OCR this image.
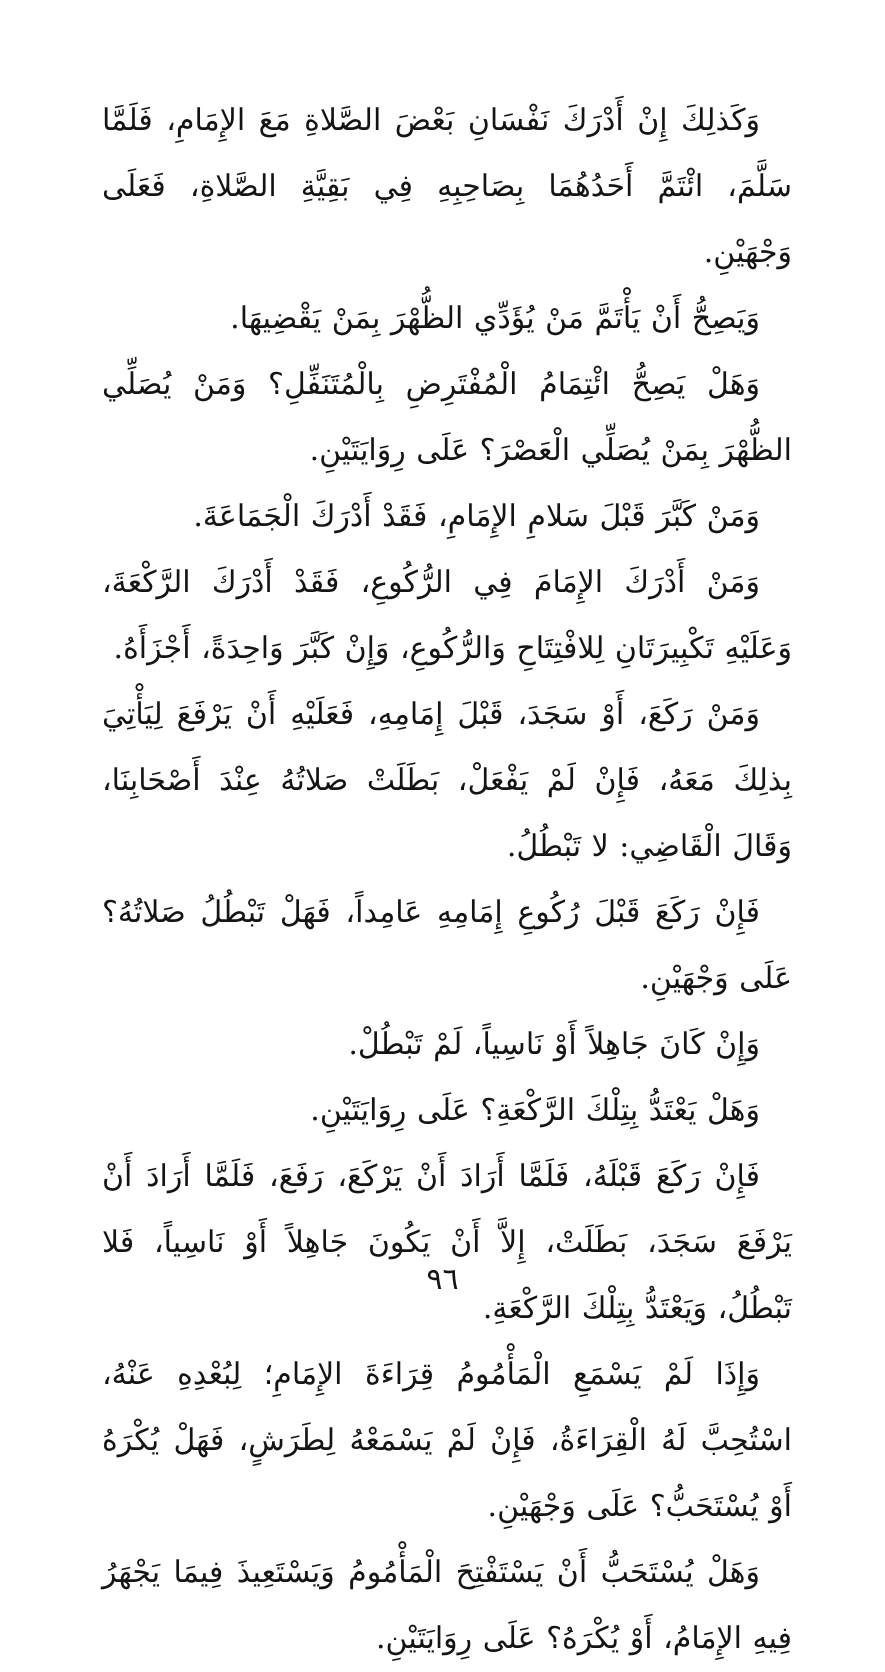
وَكَذلِكَ إِنْ أَدْرَكَ نَفْسَانِ بَعْضَ الصَّلاةِ مَعَ الإِمَامِ، فَلَمَّا سَلَّمَ، ائْتَمَّ أَحَدُهُمَا بِصَاحِبِهِ فِي بَقِيَّةِ الصَّلاةِ، فَعَلَى وَجْهَيْنِ.

وَيَصِحُّ أَنْ يَأْتَمَّ مَنْ يُؤَدِّي الظُّهْرَ بِمَنْ يَقْضِيهَا.

وَهَلْ يَصِحُّ ائْتِمَامُ الْمُفْتَرِضِ بِالْمُتَنَفِّلِ؟ وَمَنْ يُصَلِّي الظُّهْرَ بِمَنْ يُصَلِّي الْعَصْرَ؟ عَلَى رِوَايَتَيْنِ.

وَمَنْ كَبَّرَ قَبْلَ سَلامِ الإِمَامِ، فَقَدْ أَدْرَكَ الْجَمَاعَةَ.

وَمَنْ أَدْرَكَ الإِمَامَ فِي الرُّكُوعِ، فَقَدْ أَدْرَكَ الرَّكْعَةَ، وَعَلَيْهِ تَكْبِيرَتَانِ لِلافْتِتَاحِ وَالرُّكُوعِ، وَإِنْ كَبَّرَ وَاحِدَةً، أَجْزَأَهُ.

وَمَنْ رَكَعَ، أَوْ سَجَدَ، قَبْلَ إِمَامِهِ، فَعَلَيْهِ أَنْ يَرْفَعَ لِيَأْتِيَ بِذلِكَ مَعَهُ، فَإِنْ لَمْ يَفْعَلْ، بَطَلَتْ صَلاتُهُ عِنْدَ أَصْحَابِنَا، وَقَالَ الْقَاضِي: لا تَبْطُلُ.

فَإِنْ رَكَعَ قَبْلَ رُكُوعِ إِمَامِهِ عَامِداً، فَهَلْ تَبْطُلُ صَلاتُهُ؟ عَلَى وَجْهَيْنِ.

وَإِنْ كَانَ جَاهِلاً أَوْ نَاسِياً، لَمْ تَبْطُلْ.

وَهَلْ يَعْتَدُّ بِتِلْكَ الرَّكْعَةِ؟ عَلَى رِوَايَتَيْنِ.

فَإِنْ رَكَعَ قَبْلَهُ، فَلَمَّا أَرَادَ أَنْ يَرْكَعَ، رَفَعَ، فَلَمَّا أَرَادَ أَنْ يَرْفَعَ سَجَدَ، بَطَلَتْ، إِلاَّ أَنْ يَكُونَ جَاهِلاً أَوْ نَاسِياً، فَلا تَبْطُلُ، وَيَعْتَدُّ بِتِلْكَ الرَّكْعَةِ.

وَإِذَا لَمْ يَسْمَعِ الْمَأْمُومُ قِرَاءَةَ الإِمَامِ؛ لِبُعْدِهِ عَنْهُ، اسْتُحِبَّ لَهُ الْقِرَاءَةُ، فَإِنْ لَمْ يَسْمَعْهُ لِطَرَشٍ، فَهَلْ يُكْرَهُ أَوْ يُسْتَحَبُّ؟ عَلَى وَجْهَيْنِ.

وَهَلْ يُسْتَحَبُّ أَنْ يَسْتَفْتِحَ الْمَأْمُومُ وَيَسْتَعِيذَ فِيمَا يَجْهَرُ فِيهِ الإِمَامُ، أَوْ يُكْرَهُ؟ عَلَى رِوَايَتَيْنِ.

٩٦
